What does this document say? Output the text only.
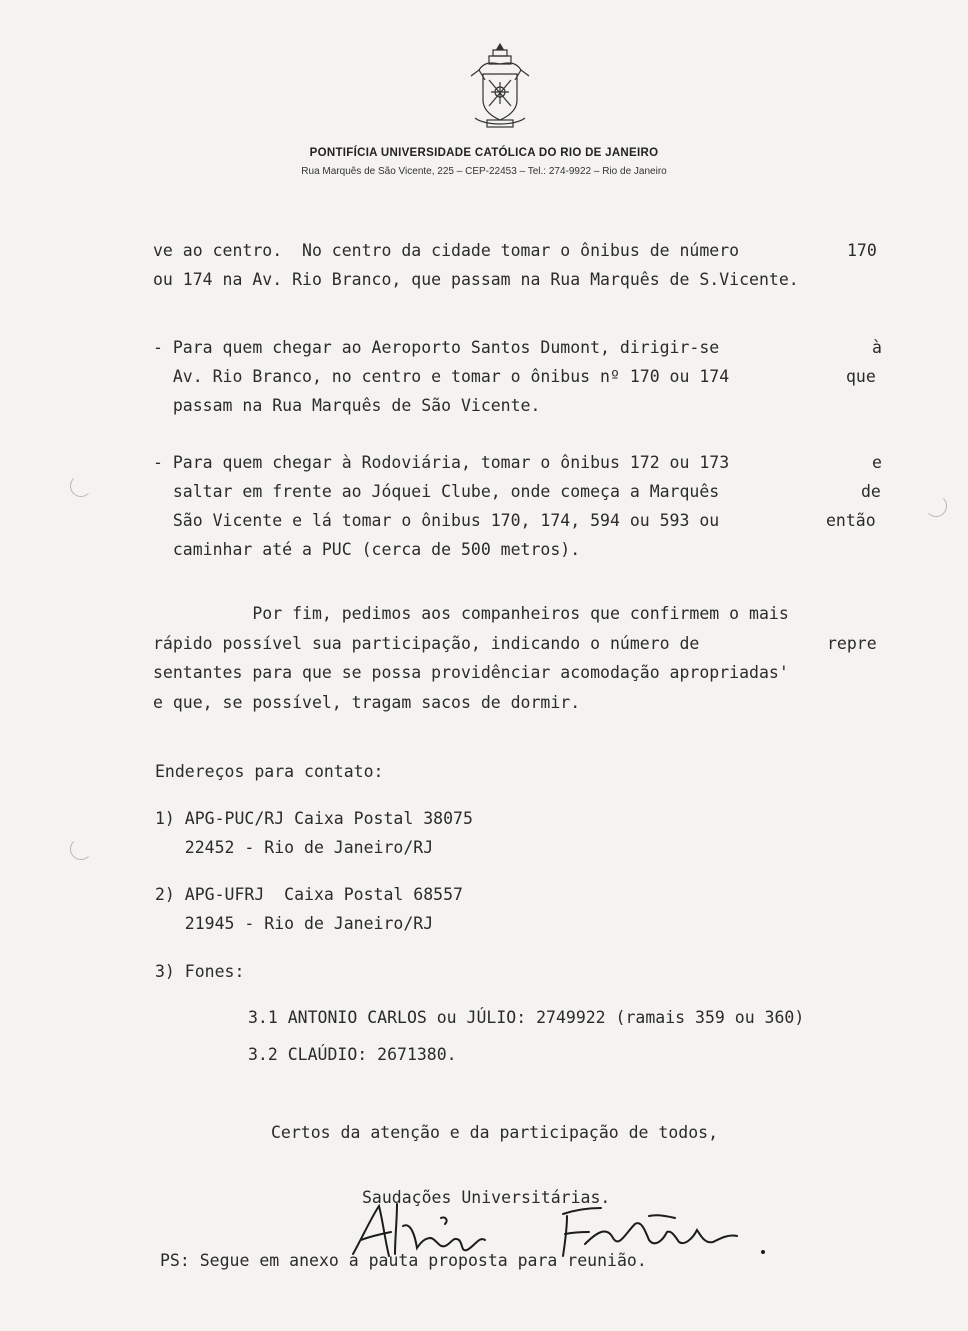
PONTIFÍCIA UNIVERSIDADE CATÓLICA DO RIO DE JANEIRO
Rua Marquês de São Vicente, 225 – CEP-22453 – Tel.: 274-9922 – Rio de Janeiro
ve ao centro.  No centro da cidade tomar o ônibus de número	170
ou 174 na Av. Rio Branco, que passam na Rua Marquês de S.Vicente.
- Para quem chegar ao Aeroporto Santos Dumont, dirigir-se	à
Av. Rio Branco, no centro e tomar o ônibus nº 170 ou 174	que
passam na Rua Marquês de São Vicente.
- Para quem chegar à Rodoviária, tomar o ônibus 172 ou 173	e
saltar em frente ao Jóquei Clube, onde começa a Marquês	de
São Vicente e lá tomar o ônibus 170, 174, 594 ou 593 ou	então
caminhar até a PUC (cerca de 500 metros).
Por fim, pedimos aos companheiros que confirmem o mais
rápido possível sua participação, indicando o número de	repre
sentantes para que se possa providênciar acomodação apropriadas'
e que, se possível, tragam sacos de dormir.
Endereços para contato:
1) APG-PUC/RJ Caixa Postal 38075
22452 - Rio de Janeiro/RJ
2) APG-UFRJ  Caixa Postal 68557
21945 - Rio de Janeiro/RJ
3) Fones:
3.1 ANTONIO CARLOS ou JÚLIO: 2749922 (ramais 359 ou 360)
3.2 CLAÚDIO: 2671380.
Certos da atenção e da participação de todos,
Saudações Universitárias.
PS: Segue em anexo a pauta proposta para reunião.
